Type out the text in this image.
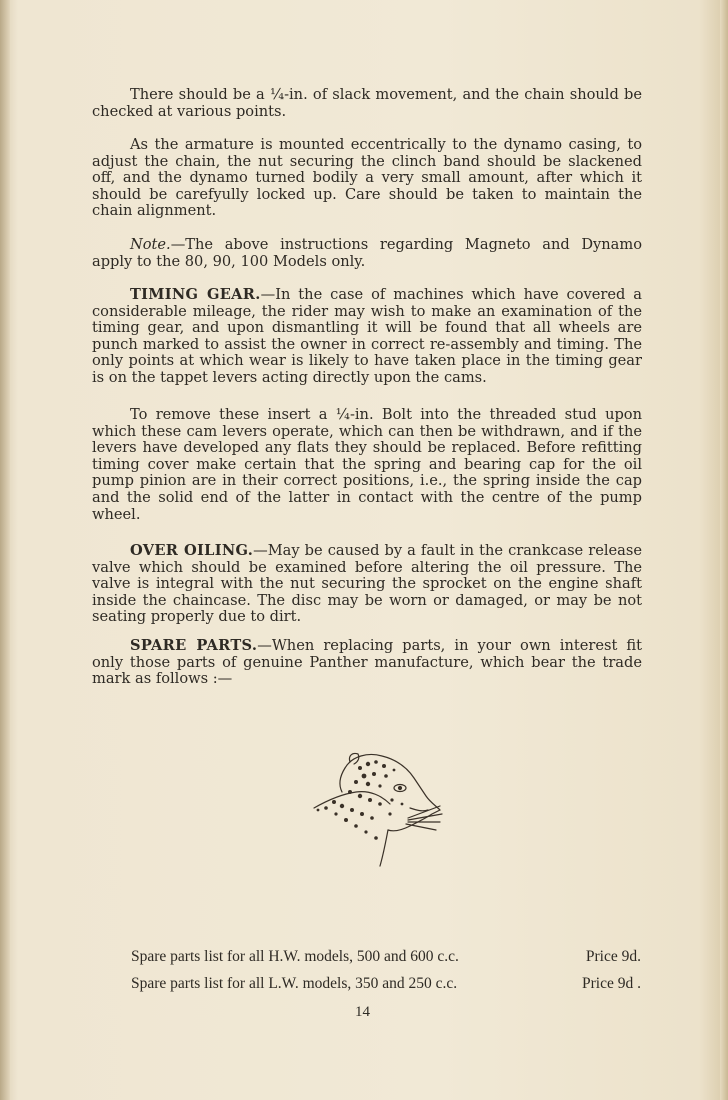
There should be a ¼-in. of slack movement, and the chain should be checked at various points.

As the armature is mounted eccentrically to the dynamo casing, to adjust the chain, the nut securing the clinch band should be slackened off, and the dynamo turned bodily a very small amount, after which it should be carefyully locked up. Care should be taken to maintain the chain alignment.

Note.—The above instructions regarding Magneto and Dynamo apply to the 80, 90, 100 Models only.

TIMING GEAR.—In the case of machines which have covered a considerable mileage, the rider may wish to make an examination of the timing gear, and upon dismantling it will be found that all wheels are punch marked to assist the owner in correct re-assembly and timing. The only points at which wear is likely to have taken place in the timing gear is on the tappet levers acting directly upon the cams.

To remove these insert a ¼-in. Bolt into the threaded stud upon which these cam levers operate, which can then be withdrawn, and if the levers have developed any flats they should be replaced. Before refitting timing cover make certain that the spring and bearing cap for the oil pump pinion are in their correct positions, i.e., the spring inside the cap and the solid end of the latter in contact with the centre of the pump wheel.

OVER OILING.—May be caused by a fault in the crankcase release valve which should be examined before altering the oil pressure. The valve is integral with the nut securing the sprocket on the engine shaft inside the chaincase. The disc may be worn or damaged, or may be not seating properly due to dirt.

SPARE PARTS.—When replacing parts, in your own interest fit only those parts of genuine Panther manufacture, which bear the trade mark as follows :—

Spare parts list for all H.W. models, 500 and 600 c.c.	Price 9d.
Spare parts list for all L.W. models, 350 and 250 c.c.	Price 9d .
14
